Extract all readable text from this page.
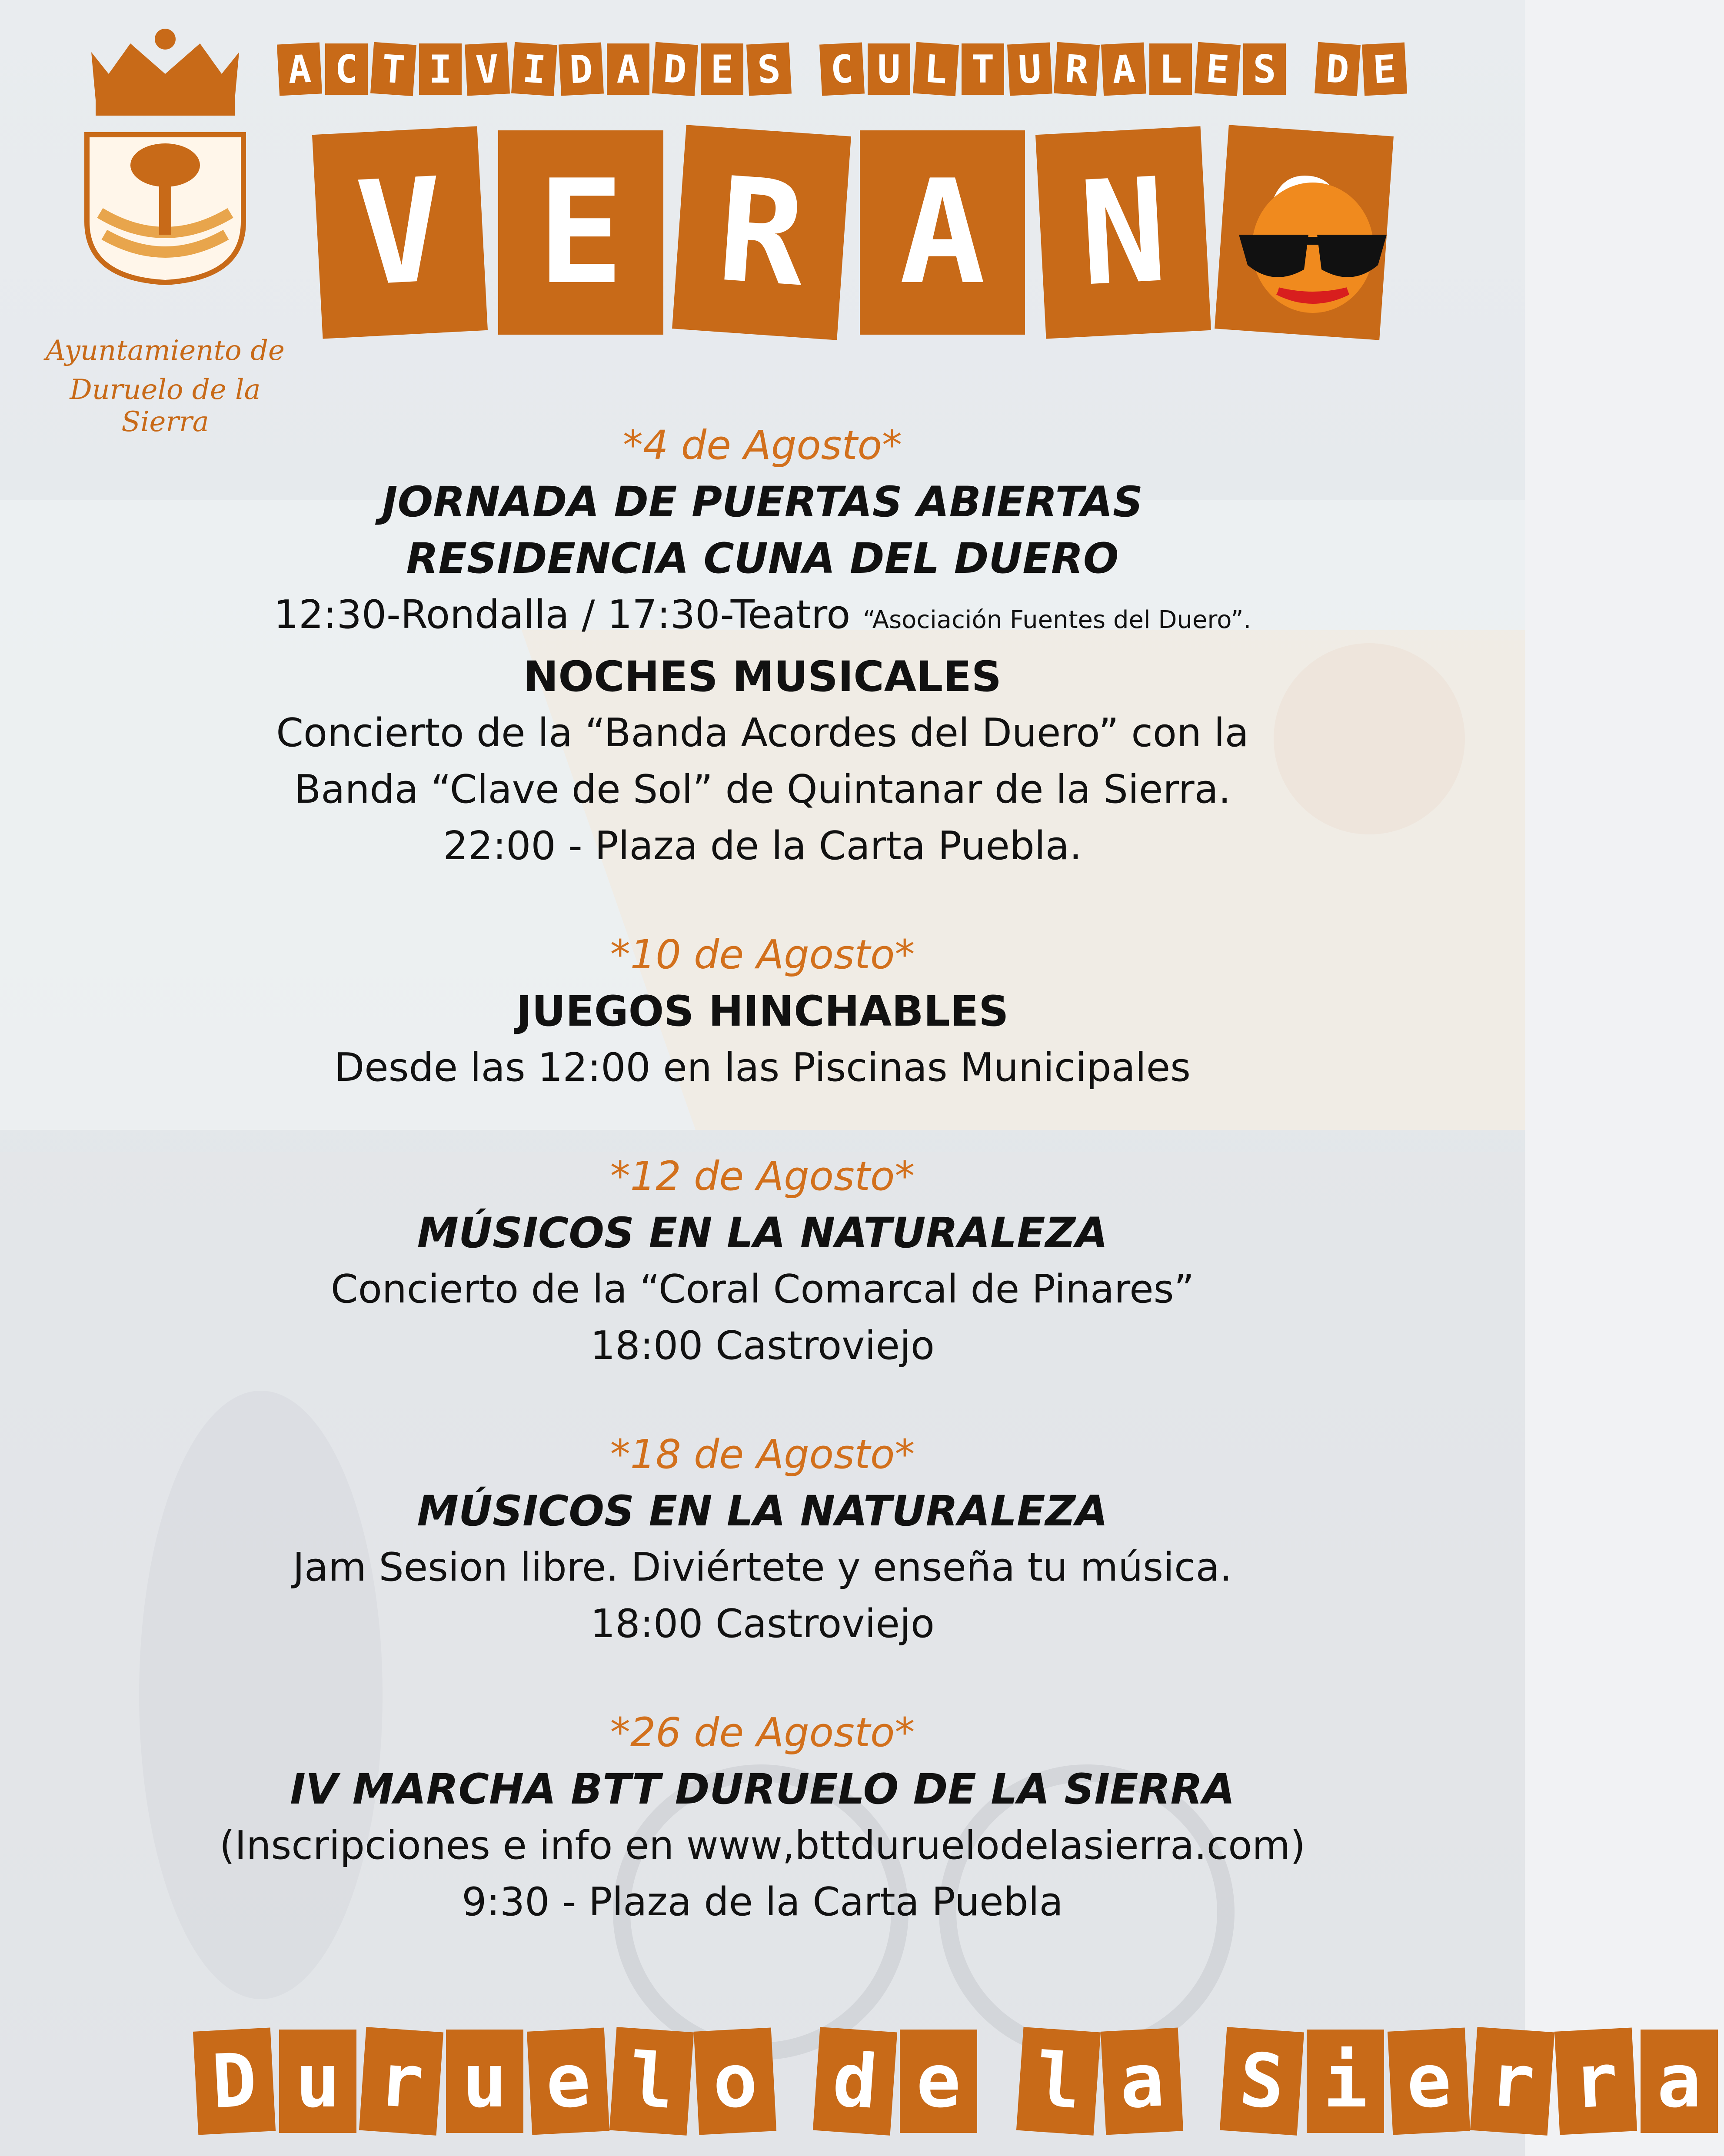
Ayuntamiento de
Duruelo de la Sierra
A C T I V I D A D E S C U L T U R A L E S D E
V E R A N
*4 de Agosto*
JORNADA DE PUERTAS ABIERTAS
RESIDENCIA CUNA DEL DUERO
12:30-Rondalla / 17:30-Teatro “Asociación Fuentes del Duero”.
NOCHES MUSICALES
Concierto de la “Banda Acordes del Duero” con la
Banda “Clave de Sol” de Quintanar de la Sierra.
22:00 - Plaza de la Carta Puebla.
*10 de Agosto*
JUEGOS HINCHABLES
Desde las 12:00 en las Piscinas Municipales
*12 de Agosto*
MÚSICOS EN LA NATURALEZA
Concierto de la “Coral Comarcal de Pinares”
18:00 Castroviejo
*18 de Agosto*
MÚSICOS EN LA NATURALEZA
Jam Sesion libre. Diviértete y enseña tu música.
18:00 Castroviejo
*26 de Agosto*
IV MARCHA BTT DURUELO DE LA SIERRA
(Inscripciones e info en www,bttduruelodelasierra.com)
9:30 - Plaza de la Carta Puebla
D u r u e l o d e l a S i e r r a
